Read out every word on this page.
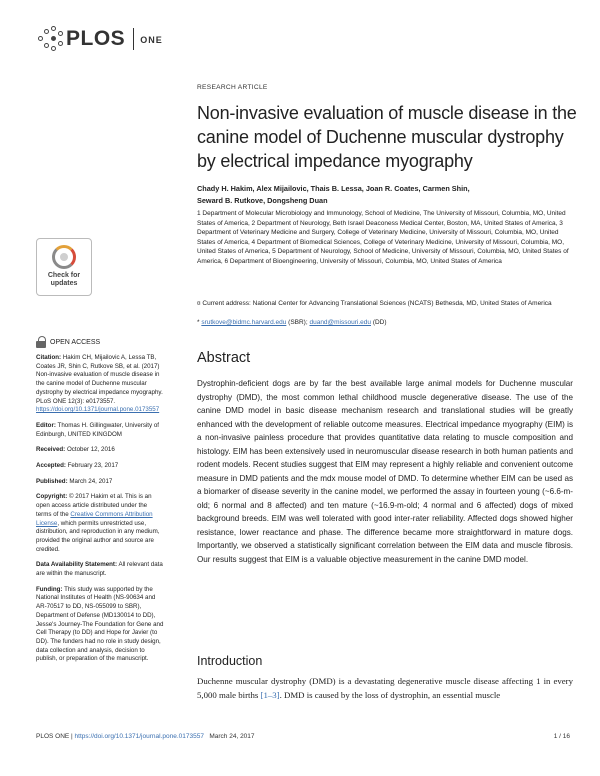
PLOS ONE
Check for updates
OPEN ACCESS
Citation: Hakim CH, Mijailovic A, Lessa TB, Coates JR, Shin C, Rutkove SB, et al. (2017) Non-invasive evaluation of muscle disease in the canine model of Duchenne muscular dystrophy by electrical impedance myography. PLoS ONE 12(3): e0173557. https://doi.org/10.1371/journal.pone.0173557
Editor: Thomas H. Gillingwater, University of Edinburgh, UNITED KINGDOM
Received: October 12, 2016
Accepted: February 23, 2017
Published: March 24, 2017
Copyright: © 2017 Hakim et al. This is an open access article distributed under the terms of the Creative Commons Attribution License, which permits unrestricted use, distribution, and reproduction in any medium, provided the original author and source are credited.
Data Availability Statement: All relevant data are within the manuscript.
Funding: This study was supported by the National Institutes of Health (NS-90634 and AR-70517 to DD, NS-055099 to SBR), Department of Defense (MD130014 to DD), Jesse's Journey-The Foundation for Gene and Cell Therapy (to DD) and Hope for Javier (to DD). The funders had no role in study design, data collection and analysis, decision to publish, or preparation of the manuscript.
RESEARCH ARTICLE
Non-invasive evaluation of muscle disease in the canine model of Duchenne muscular dystrophy by electrical impedance myography
Chady H. Hakim, Alex Mijailovic, Thais B. Lessa, Joan R. Coates, Carmen Shin,
Seward B. Rutkove, Dongsheng Duan
1 Department of Molecular Microbiology and Immunology, School of Medicine, The University of Missouri, Columbia, MO, United States of America, 2 Department of Neurology, Beth Israel Deaconess Medical Center, Boston, MA, United States of America, 3 Department of Veterinary Medicine and Surgery, College of Veterinary Medicine, University of Missouri, Columbia, MO, United States of America, 4 Department of Biomedical Sciences, College of Veterinary Medicine, University of Missouri, Columbia, MO, United States of America, 5 Department of Neurology, School of Medicine, University of Missouri, Columbia, MO, United States of America, 6 Department of Bioengineering, University of Missouri, Columbia, MO, United States of America
¤ Current address: National Center for Advancing Translational Sciences (NCATS) Bethesda, MD, United States of America
* srutkove@bidmc.harvard.edu (SBR); duand@missouri.edu (DD)
Abstract

Dystrophin-deficient dogs are by far the best available large animal models for Duchenne muscular dystrophy (DMD), the most common lethal childhood muscle degenerative disease. The use of the canine DMD model in basic disease mechanism research and translational studies will be greatly enhanced with the development of reliable outcome measures. Electrical impedance myography (EIM) is a non-invasive painless procedure that provides quantitative data relating to muscle composition and histology. EIM has been extensively used in neuromuscular disease research in both human patients and rodent models. Recent studies suggest that EIM may represent a highly reliable and convenient outcome measure in DMD patients and the mdx mouse model of DMD. To determine whether EIM can be used as a biomarker of disease severity in the canine model, we performed the assay in fourteen young (~6.6-m-old; 6 normal and 8 affected) and ten mature (~16.9-m-old; 4 normal and 6 affected) dogs of mixed background breeds. EIM was well tolerated with good inter-rater reliability. Affected dogs showed higher resistance, lower reactance and phase. The difference became more straightforward in mature dogs. Importantly, we observed a statistically significant correlation between the EIM data and muscle fibrosis. Our results suggest that EIM is a valuable objective measurement in the canine DMD model.

Introduction

Duchenne muscular dystrophy (DMD) is a devastating degenerative muscle disease affecting 1 in every 5,000 male births [1–3]. DMD is caused by the loss of dystrophin, an essential muscle

PLOS ONE | https://doi.org/10.1371/journal.pone.0173557 March 24, 2017	1 / 16
